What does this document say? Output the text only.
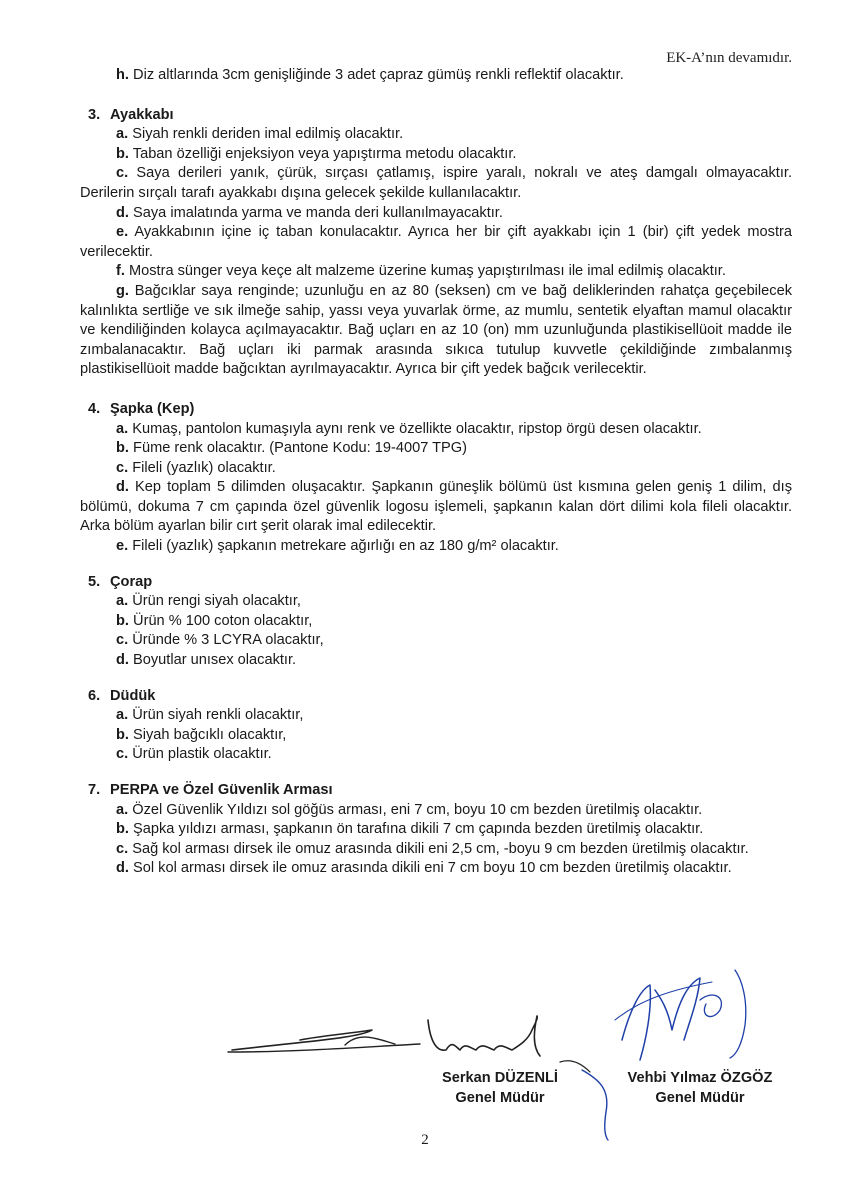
EK-A’nın devamıdır.

h. Diz altlarında 3cm genişliğinde 3 adet çapraz gümüş renkli reflektif olacaktır.

3. Ayakkabı

a. Siyah renkli deriden imal edilmiş olacaktır.

b. Taban özelliği enjeksiyon veya yapıştırma metodu olacaktır.

c. Saya derileri yanık, çürük, sırçası çatlamış, ispire yaralı, nokralı ve ateş damgalı olmayacaktır. Derilerin sırçalı tarafı ayakkabı dışına gelecek şekilde kullanılacaktır.

d. Saya imalatında yarma ve manda deri kullanılmayacaktır.

e. Ayakkabının içine iç taban konulacaktır. Ayrıca her bir çift ayakkabı için 1 (bir) çift yedek mostra verilecektir.

f. Mostra sünger veya keçe alt malzeme üzerine kumaş yapıştırılması ile imal edilmiş olacaktır.

g. Bağcıklar saya renginde; uzunluğu en az 80 (seksen) cm ve bağ deliklerinden rahatça geçebilecek kalınlıkta sertliğe ve sık ilmeğe sahip, yassı veya yuvarlak örme, az mumlu, sentetik elyaftan mamul olacaktır ve kendiliğinden kolayca açılmayacaktır. Bağ uçları en az 10 (on) mm uzunluğunda plastikisellüoit madde ile zımbalanacaktır. Bağ uçları iki parmak arasında sıkıca tutulup kuvvetle çekildiğinde zımbalanmış plastikisellüoit madde bağcıktan ayrılmayacaktır. Ayrıca bir çift yedek bağcık verilecektir.

4. Şapka (Kep)

a. Kumaş, pantolon kumaşıyla aynı renk ve özellikte olacaktır, ripstop örgü desen olacaktır.

b. Füme renk olacaktır. (Pantone Kodu: 19-4007 TPG)

c. Fileli (yazlık) olacaktır.

d. Kep toplam 5 dilimden oluşacaktır. Şapkanın güneşlik bölümü üst kısmına gelen geniş 1 dilim, dış bölümü, dokuma 7 cm çapında özel güvenlik logosu işlemeli, şapkanın kalan dört dilimi kola fileli olacaktır. Arka bölüm ayarlan bilir cırt şerit olarak imal edilecektir.

e. Fileli (yazlık) şapkanın metrekare ağırlığı en az 180 g/m² olacaktır.

5. Çorap

a. Ürün rengi siyah olacaktır,

b. Ürün % 100 coton olacaktır,

c. Üründe % 3 LCYRA olacaktır,

d. Boyutlar unısex olacaktır.

6. Düdük

a. Ürün siyah renkli olacaktır,

b. Siyah bağcıklı olacaktır,

c. Ürün plastik olacaktır.

7. PERPA ve Özel Güvenlik Arması

a. Özel Güvenlik Yıldızı sol göğüs arması, eni 7 cm, boyu 10 cm bezden üretilmiş olacaktır.

b. Şapka yıldızı arması, şapkanın ön tarafına dikili 7 cm çapında bezden üretilmiş olacaktır.

c. Sağ kol arması dirsek ile omuz arasında dikili eni 2,5 cm, -boyu 9 cm bezden üretilmiş olacaktır.

d. Sol kol arması dirsek ile omuz arasında dikili eni 7 cm boyu 10 cm bezden üretilmiş olacaktır.

Serkan DÜZENLİ
Genel Müdür
Vehbi Yılmaz ÖZGÖZ
Genel Müdür
2
